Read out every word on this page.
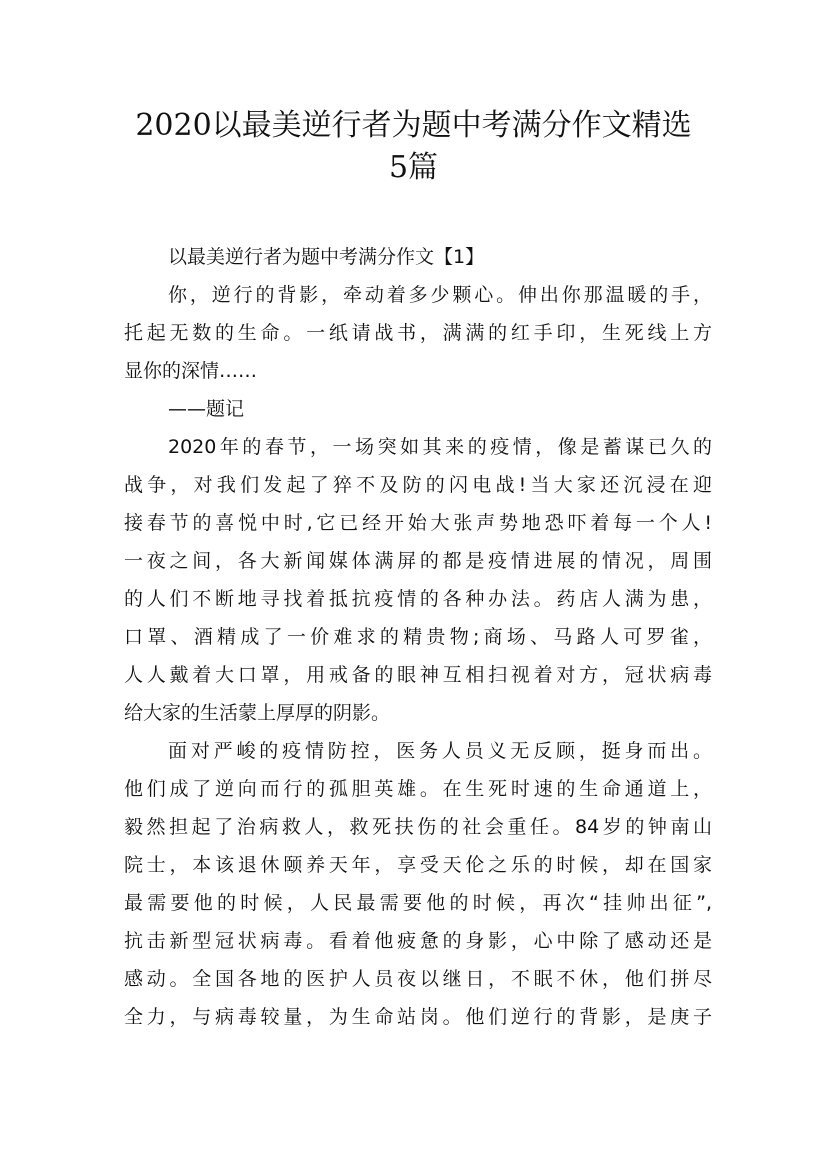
2020以最美逆行者为题中考满分作文精选
5篇
以最美逆行者为题中考满分作文【1】
你，逆行的背影，牵动着多少颗心。伸出你那温暖的手，
托起无数的生命。一纸请战书，满满的红手印，生死线上方
显你的深情……
——题记
2020年的春节，一场突如其来的疫情，像是蓄谋已久的
战争，对我们发起了猝不及防的闪电战!当大家还沉浸在迎
接春节的喜悦中时,它已经开始大张声势地恐吓着每一个人!
一夜之间，各大新闻媒体满屏的都是疫情进展的情况，周围
的人们不断地寻找着抵抗疫情的各种办法。药店人满为患，
口罩、酒精成了一价难求的精贵物;商场、马路人可罗雀，
人人戴着大口罩，用戒备的眼神互相扫视着对方，冠状病毒
给大家的生活蒙上厚厚的阴影。
面对严峻的疫情防控，医务人员义无反顾，挺身而出。
他们成了逆向而行的孤胆英雄。在生死时速的生命通道上，
毅然担起了治病救人，救死扶伤的社会重任。84岁的钟南山
院士，本该退休颐养天年，享受天伦之乐的时候，却在国家
最需要他的时候，人民最需要他的时候，再次“挂帅出征”,
抗击新型冠状病毒。看着他疲惫的身影，心中除了感动还是
感动。全国各地的医护人员夜以继日，不眠不休，他们拼尽
全力，与病毒较量，为生命站岗。他们逆行的背影，是庚子
